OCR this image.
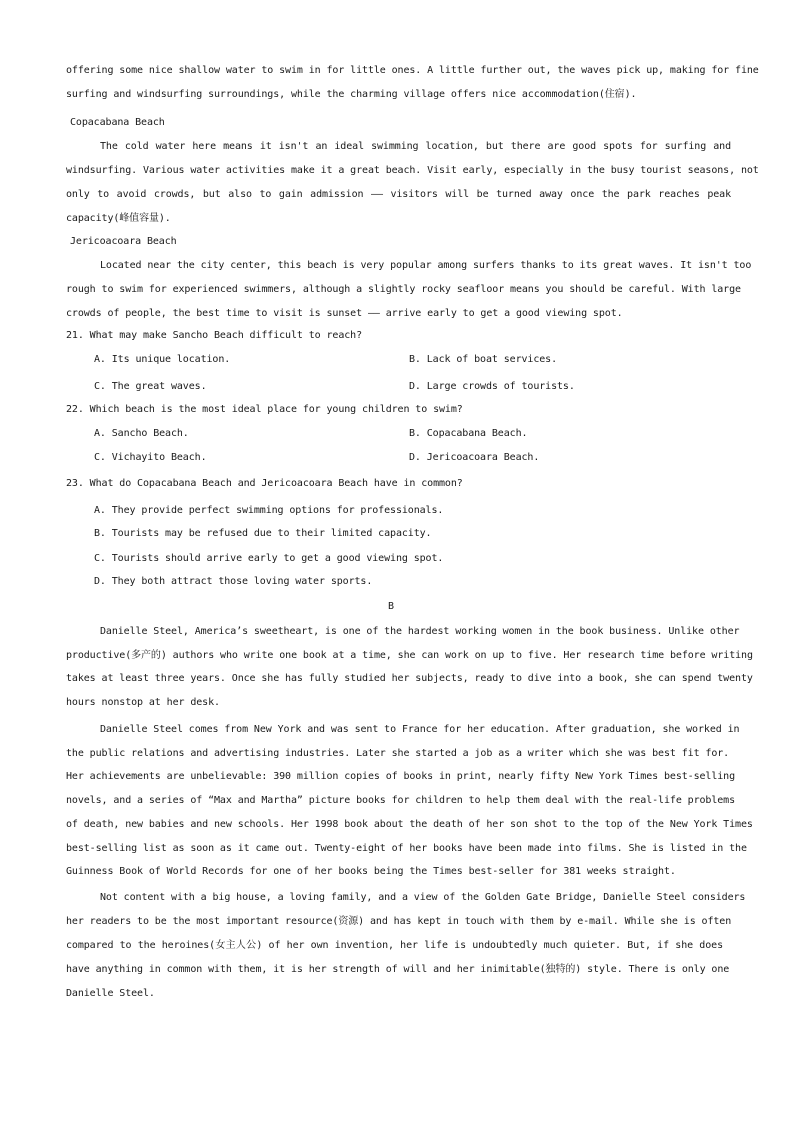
offering some nice shallow water to swim in for little ones. A little further out, the waves pick up, making for fine
surfing and windsurfing surroundings, while the charming village offers nice accommodation(住宿).
Copacabana Beach
The cold water here means it isn't an ideal swimming location, but there are good spots for surfing and
windsurfing. Various water activities make it a great beach. Visit early, especially in the busy tourist seasons, not
only to avoid crowds, but also to gain admission —— visitors will be turned away once the park reaches peak
capacity(峰值容量).
Jericoacoara Beach
Located near the city center, this beach is very popular among surfers thanks to its great waves. It isn't too
rough to swim for experienced swimmers, although a slightly rocky seafloor means you should be careful. With large
crowds of people, the best time to visit is sunset —— arrive early to get a good viewing spot.
21. What may make Sancho Beach difficult to reach?
A. Its unique location.	B. Lack of boat services.
C. The great waves.	D. Large crowds of tourists.
22. Which beach is the most ideal place for young children to swim?
A. Sancho Beach.	B. Copacabana Beach.
C. Vichayito Beach.	D. Jericoacoara Beach.
23. What do Copacabana Beach and Jericoacoara Beach have in common?
A. They provide perfect swimming options for professionals.
B. Tourists may be refused due to their limited capacity.
C. Tourists should arrive early to get a good viewing spot.
D. They both attract those loving water sports.
B
Danielle Steel, America’s sweetheart, is one of the hardest working women in the book business. Unlike other
productive(多产的) authors who write one book at a time, she can work on up to five. Her research time before writing
takes at least three years. Once she has fully studied her subjects, ready to dive into a book, she can spend twenty
hours nonstop at her desk.
Danielle Steel comes from New York and was sent to France for her education. After graduation, she worked in
the public relations and advertising industries. Later she started a job as a writer which she was best fit for.
Her achievements are unbelievable: 390 million copies of books in print, nearly fifty New York Times best-selling
novels, and a series of “Max and Martha” picture books for children to help them deal with the real-life problems
of death, new babies and new schools. Her 1998 book about the death of her son shot to the top of the New York Times
best-selling list as soon as it came out. Twenty-eight of her books have been made into films. She is listed in the
Guinness Book of World Records for one of her books being the Times best-seller for 381 weeks straight.
Not content with a big house, a loving family, and a view of the Golden Gate Bridge, Danielle Steel considers
her readers to be the most important resource(资源) and has kept in touch with them by e-mail. While she is often
compared to the heroines(女主人公) of her own invention, her life is undoubtedly much quieter. But, if she does
have anything in common with them, it is her strength of will and her inimitable(独特的) style. There is only one
Danielle Steel.
